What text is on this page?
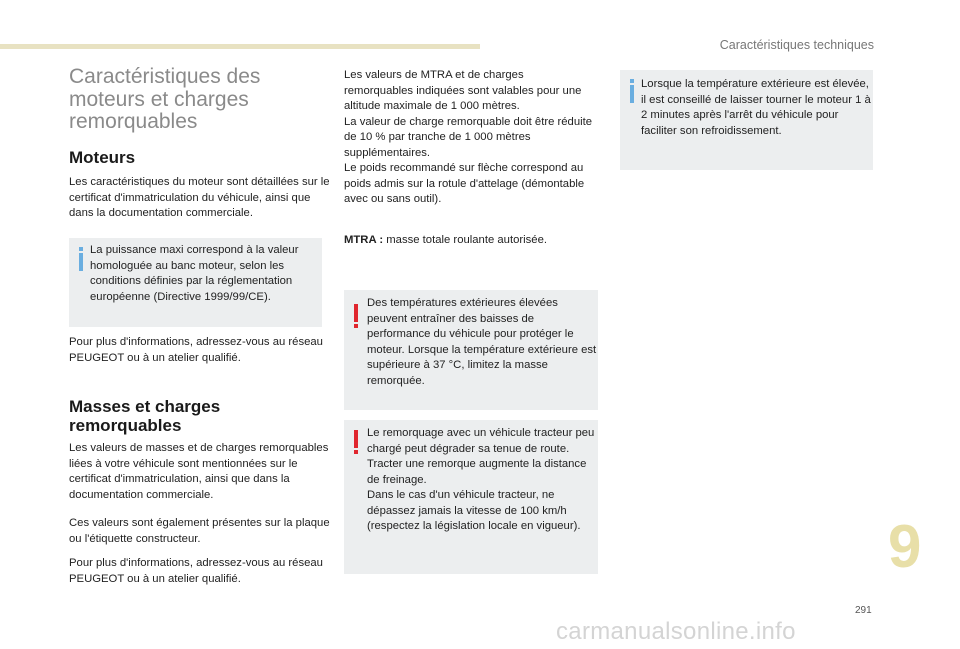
Caractéristiques techniques
Caractéristiques des moteurs et charges remorquables
Moteurs

Les caractéristiques du moteur sont détaillées sur le certificat d'immatriculation du véhicule, ainsi que dans la documentation commerciale.

La puissance maxi correspond à la valeur homologuée au banc moteur, selon les conditions définies par la réglementation européenne (Directive 1999/99/CE).

Pour plus d'informations, adressez-vous au réseau PEUGEOT ou à un atelier qualifié.

Masses et charges remorquables

Les valeurs de masses et de charges remorquables liées à votre véhicule sont mentionnées sur le certificat d'immatriculation, ainsi que dans la documentation commerciale.

Ces valeurs sont également présentes sur la plaque ou l'étiquette constructeur.

Pour plus d'informations, adressez-vous au réseau PEUGEOT ou à un atelier qualifié.

Les valeurs de MTRA et de charges remorquables indiquées sont valables pour une altitude maximale de 1 000 mètres.

La valeur de charge remorquable doit être réduite de 10 % par tranche de 1 000 mètres supplémentaires.

Le poids recommandé sur flèche correspond au poids admis sur la rotule d'attelage (démontable avec ou sans outil).

MTRA : masse totale roulante autorisée.

Des températures extérieures élevées peuvent entraîner des baisses de performance du véhicule pour protéger le moteur. Lorsque la température extérieure est supérieure à 37 °C, limitez la masse remorquée.
Le remorquage avec un véhicule tracteur peu chargé peut dégrader sa tenue de route.
Tracter une remorque augmente la distance de freinage.
Dans le cas d'un véhicule tracteur, ne dépassez jamais la vitesse de 100 km/h (respectez la législation locale en vigueur).
Lorsque la température extérieure est élevée, il est conseillé de laisser tourner le moteur 1 à 2 minutes après l'arrêt du véhicule pour faciliter son refroidissement.
9
291
carmanualsonline.info
